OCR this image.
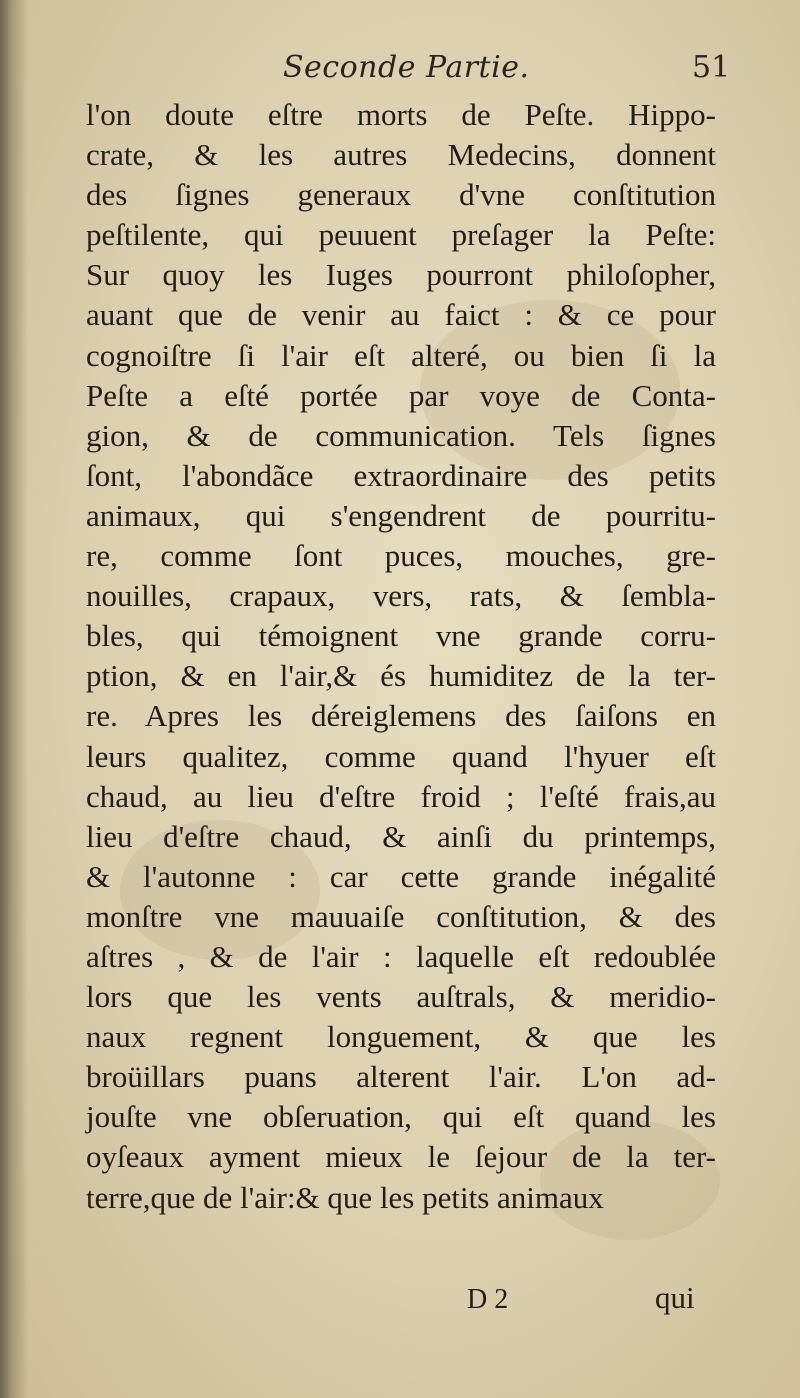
Seconde Partie.	51
l'on doute eſtre morts de Peſte. Hippo-
crate, & les autres Medecins, donnent
des ſignes generaux d'vne conſtitution
peſtilente, qui peuuent preſager la Peſte:
Sur quoy les Iuges pourront philoſopher,
auant que de venir au faict : & ce pour
cognoiſtre ſi l'air eſt alteré, ou bien ſi la
Peſte a eſté portée par voye de Conta-
gion, & de communication. Tels ſignes
ſont, l'abondãce extraordinaire des petits
animaux, qui s'engendrent de pourritu-
re, comme ſont puces, mouches, gre-
nouilles, crapaux, vers, rats, & ſembla-
bles, qui témoignent vne grande corru-
ption, & en l'air,& és humiditez de la ter-
re. Apres les déreiglemens des ſaiſons en
leurs qualitez, comme quand l'hyuer eſt
chaud, au lieu d'eſtre froid ; l'eſté frais,au
lieu d'eſtre chaud, & ainſi du printemps,
& l'autonne : car cette grande inégalité
monſtre vne mauuaiſe conſtitution, & des
aſtres , & de l'air : laquelle eſt redoublée
lors que les vents auſtrals, & meridio-
naux regnent longuement, & que les
broüillars puans alterent l'air. L'on ad-
jouſte vne obſeruation, qui eſt quand les
oyſeaux ayment mieux le ſejour de la ter-
terre,que de l'air:& que les petits animaux
D 2	qui
